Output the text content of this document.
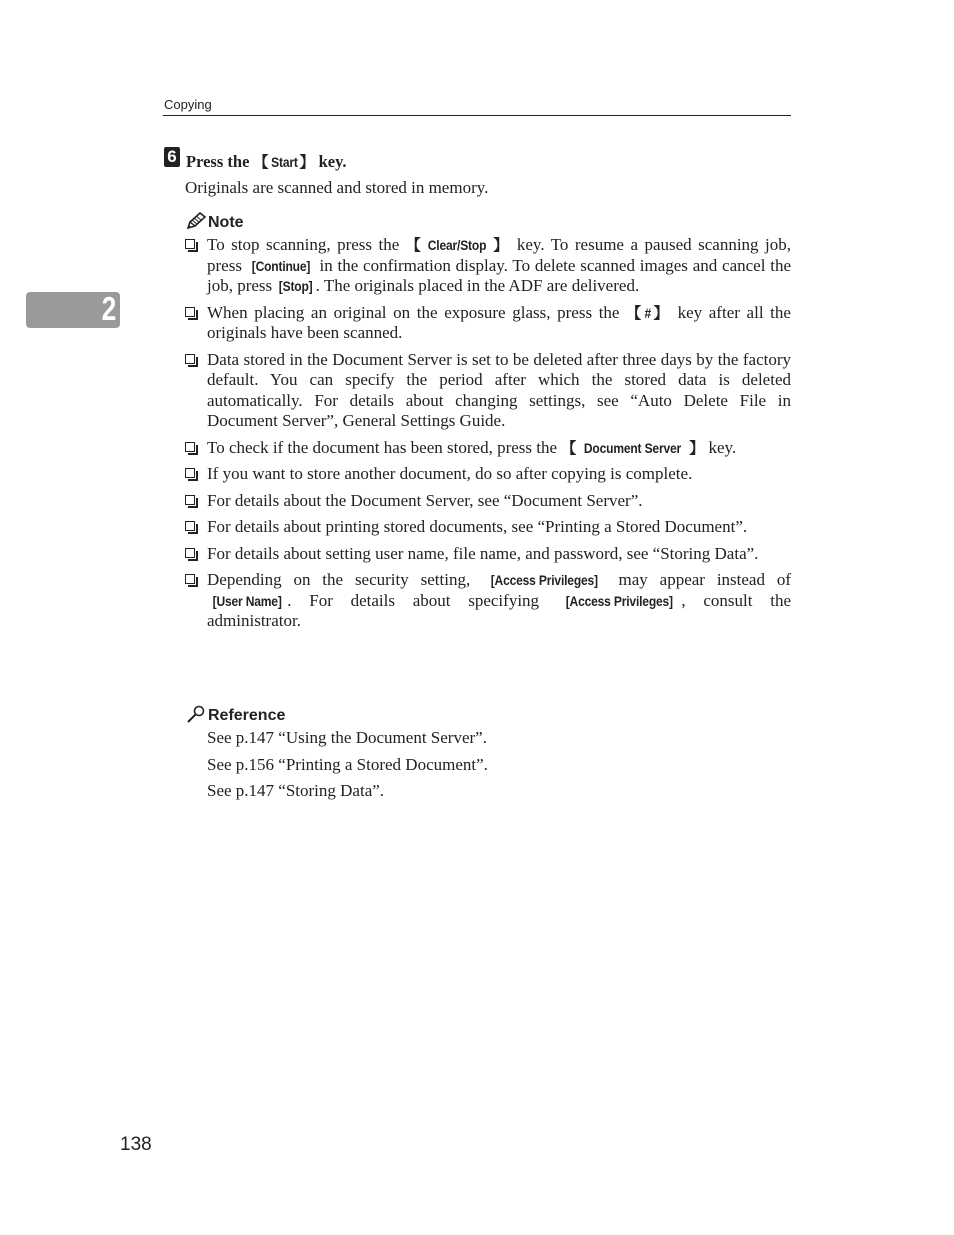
Copying
2
6 Press the 【 Start 】 key.
Originals are scanned and stored in memory.
Note
To stop scanning, press the 【 Clear/Stop 】 key. To resume a paused scanning job, press [Continue] in the confirmation display. To delete scanned images and cancel the job, press [Stop] . The originals placed in the ADF are delivered.
When placing an original on the exposure glass, press the 【#】 key after all the originals have been scanned.
Data stored in the Document Server is set to be deleted after three days by the factory default. You can specify the period after which the stored data is deleted automatically. For details about changing settings, see “Auto Delete File in Document Server”, General Settings Guide.
To check if the document has been stored, press the 【 Document Server 】 key.
If you want to store another document, do so after copying is complete.
For details about the Document Server, see “Document Server”.
For details about printing stored documents, see “Printing a Stored Document”.
For details about setting user name, file name, and password, see “Storing Data”.
Depending on the security setting, [Access Privileges] may appear instead of [User Name] . For details about specifying [Access Privileges] , consult the administrator.
Reference
See p.147 “Using the Document Server”.
See p.156 “Printing a Stored Document”.
See p.147 “Storing Data”.
138
